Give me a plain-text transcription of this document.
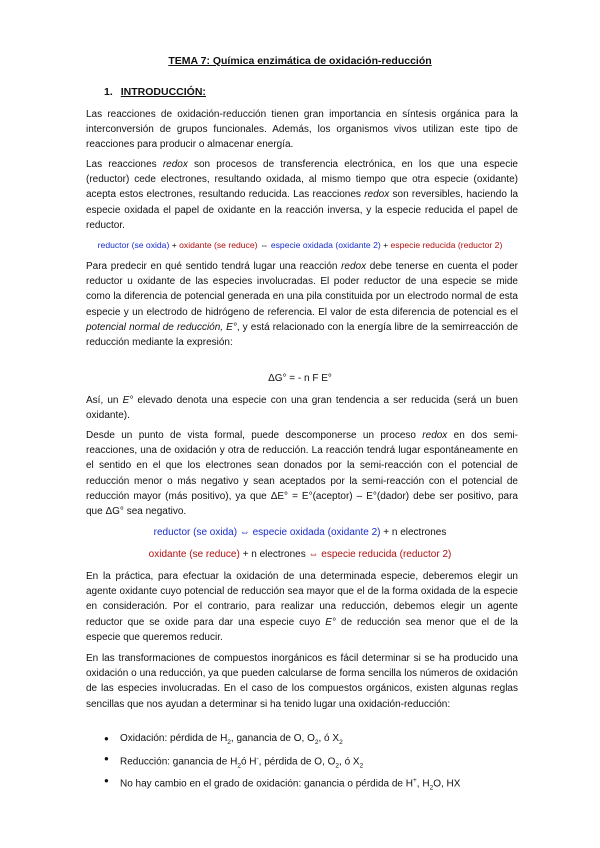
TEMA 7: Química enzimática de oxidación-reducción
1. INTRODUCCIÓN:

Las reacciones de oxidación-reducción tienen gran importancia en síntesis orgánica para la interconversión de grupos funcionales. Además, los organismos vivos utilizan este tipo de reacciones para producir o almacenar energía.

Las reacciones redox son procesos de transferencia electrónica, en los que una especie (reductor) cede electrones, resultando oxidada, al mismo tiempo que otra especie (oxidante) acepta estos electrones, resultando reducida. Las reacciones redox son reversibles, haciendo la especie oxidada el papel de oxidante en la reacción inversa, y la especie reducida el papel de reductor.

reductor (se oxida) + oxidante (se reduce) ⇔ especie oxidada (oxidante 2) + especie reducida (reductor 2)

Para predecir en qué sentido tendrá lugar una reacción redox debe tenerse en cuenta el poder reductor u oxidante de las especies involucradas. El poder reductor de una especie se mide como la diferencia de potencial generada en una pila constituida por un electrodo normal de esta especie y un electrodo de hidrógeno de referencia. El valor de esta diferencia de potencial es el potencial normal de reducción, E°, y está relacionado con la energía libre de la semirreacción de reducción mediante la expresión:

ΔG° = - n F E°

Así, un E° elevado denota una especie con una gran tendencia a ser reducida (será un buen oxidante).

Desde un punto de vista formal, puede descomponerse un proceso redox en dos semi-reacciones, una de oxidación y otra de reducción. La reacción tendrá lugar espontáneamente en el sentido en el que los electrones sean donados por la semi-reacción con el potencial de reducción menor o más negativo y sean aceptados por la semi-reacción con el potencial de reducción mayor (más positivo), ya que ΔE° = E°(aceptor) – E°(dador) debe ser positivo, para que ΔG° sea negativo.

reductor (se oxida) ⇔ especie oxidada (oxidante 2) + n electrones
oxidante (se reduce) + n electrones ⇔ especie reducida (reductor 2)

En la práctica, para efectuar la oxidación de una determinada especie, deberemos elegir un agente oxidante cuyo potencial de reducción sea mayor que el de la forma oxidada de la especie en consideración. Por el contrario, para realizar una reducción, debemos elegir un agente reductor que se oxide para dar una especie cuyo E° de reducción sea menor que el de la especie que queremos reducir.

En las transformaciones de compuestos inorgánicos es fácil determinar si se ha producido una oxidación o una reducción, ya que pueden calcularse de forma sencilla los números de oxidación de las especies involucradas. En el caso de los compuestos orgánicos, existen algunas reglas sencillas que nos ayudan a determinar si ha tenido lugar una oxidación-reducción:

● Oxidación: pérdida de $H_2$, ganancia de O, $O_2$, ó $X_2$
● Reducción: ganancia de $H_2ó$ H-, pérdida de O, $O_2$, ó $X_2$
● No hay cambio en el grado de oxidación: ganancia o pérdida de H+, $H_2O$, HX
